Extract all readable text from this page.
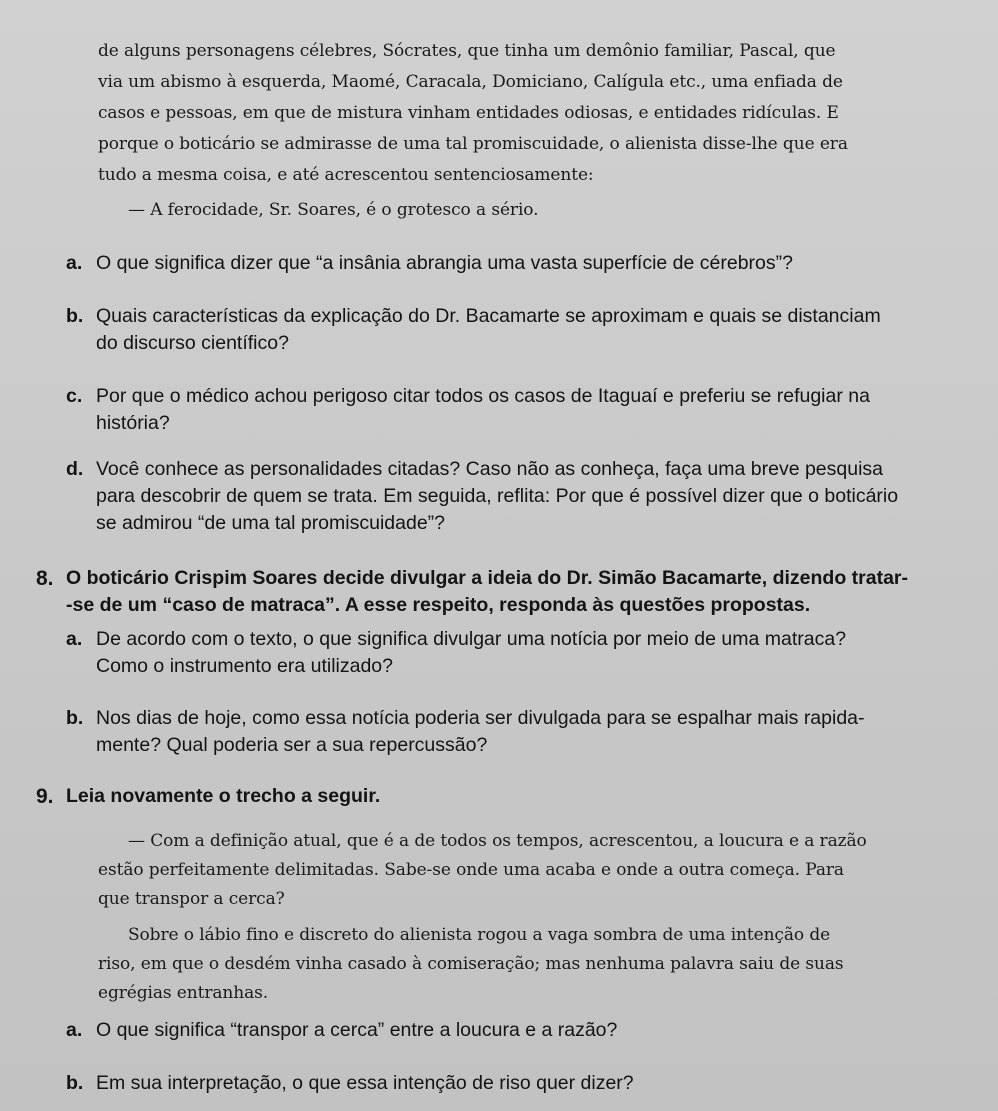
de alguns personagens célebres, Sócrates, que tinha um demônio familiar, Pascal, que
via um abismo à esquerda, Maomé, Caracala, Domiciano, Calígula etc., uma enfiada de
casos e pessoas, em que de mistura vinham entidades odiosas, e entidades ridículas. E
porque o boticário se admirasse de uma tal promiscuidade, o alienista disse-lhe que era
tudo a mesma coisa, e até acrescentou sentenciosamente:
— A ferocidade, Sr. Soares, é o grotesco a sério.
a. O que significa dizer que “a insânia abrangia uma vasta superfície de cérebros”?
b. Quais características da explicação do Dr. Bacamarte se aproximam e quais se distanciam
do discurso científico?
c. Por que o médico achou perigoso citar todos os casos de Itaguaí e preferiu se refugiar na
história?
d. Você conhece as personalidades citadas? Caso não as conheça, faça uma breve pesquisa
para descobrir de quem se trata. Em seguida, reflita: Por que é possível dizer que o boticário
se admirou “de uma tal promiscuidade”?
8. O boticário Crispim Soares decide divulgar a ideia do Dr. Simão Bacamarte, dizendo tratar-
-se de um “caso de matraca”. A esse respeito, responda às questões propostas.
a. De acordo com o texto, o que significa divulgar uma notícia por meio de uma matraca?
Como o instrumento era utilizado?
b. Nos dias de hoje, como essa notícia poderia ser divulgada para se espalhar mais rapida-
mente? Qual poderia ser a sua repercussão?
9. Leia novamente o trecho a seguir.
— Com a definição atual, que é a de todos os tempos, acrescentou, a loucura e a razão
estão perfeitamente delimitadas. Sabe-se onde uma acaba e onde a outra começa. Para
que transpor a cerca?
Sobre o lábio fino e discreto do alienista rogou a vaga sombra de uma intenção de
riso, em que o desdém vinha casado à comiseração; mas nenhuma palavra saiu de suas
egrégias entranhas.
a. O que significa “transpor a cerca” entre a loucura e a razão?
b. Em sua interpretação, o que essa intenção de riso quer dizer?
